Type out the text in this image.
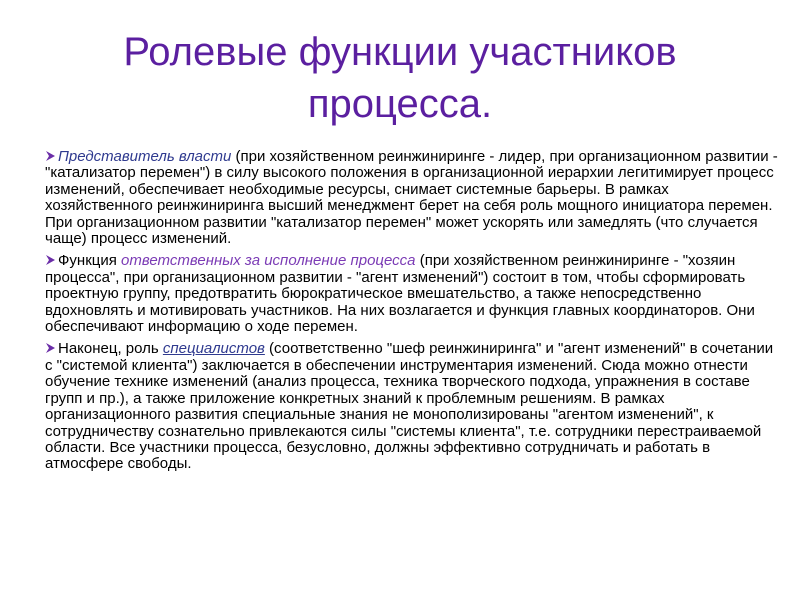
Ролевые функции участников
процесса.

Представитель власти (при хозяйственном реинжиниринге - лидер, при организационном развитии - "катализатор перемен") в силу высокого положения в организационной иерархии легитимирует процесс изменений, обеспечивает необходимые ресурсы, снимает системные барьеры. В рамках хозяйственного реинжиниринга высший менеджмент берет на себя роль мощного инициатора перемен. При организационном развитии "катализатор перемен" может ускорять или замедлять (что случается чаще) процесс изменений.

Функция ответственных за исполнение процесса (при хозяйственном реинжиниринге - "хозяин процесса", при организационном развитии - "агент изменений") состоит в том, чтобы сформировать проектную группу, предотвратить бюрократическое вмешательство, а также непосредственно вдохновлять и мотивировать участников. На них возлагается и функция главных координаторов. Они обеспечивают информацию о ходе перемен.

Наконец, роль специалистов (соответственно "шеф реинжиниринга" и "агент изменений" в сочетании с "системой клиента") заключается в обеспечении инструментария изменений. Сюда можно отнести обучение технике изменений (анализ процесса, техника творческого подхода, упражнения в составе групп и пр.), а также приложение конкретных знаний к проблемным решениям. В рамках организационного развития специальные знания не монополизированы "агентом изменений", к сотрудничеству сознательно привлекаются силы "системы клиента", т.е. сотрудники перестраиваемой области. Все участники процесса, безусловно, должны эффективно сотрудничать и работать в атмосфере свободы.
